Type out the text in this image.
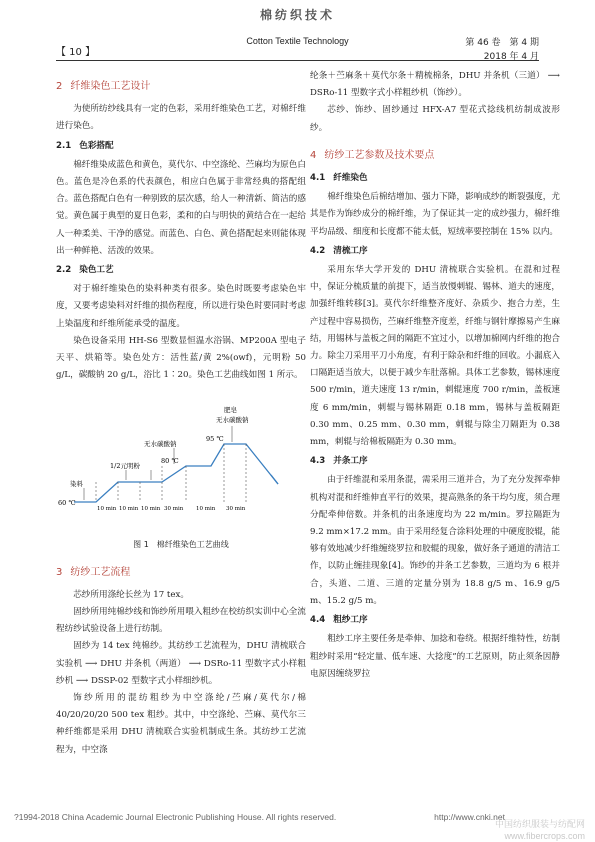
棉纺织技术
【 10 】
Cotton Textile Technology	第 46 卷　第 4 期
2018 年 4 月
2 纤维染色工艺设计

为使所纺纱线具有一定的色彩，采用纤维染色工艺，对棉纤维进行染色。

2.1 色彩搭配

棉纤维染成蓝色和黄色，莫代尔、中空涤纶、苎麻均为原色白色。蓝色是冷色系的代表颜色，相应白色属于非常经典的搭配组合。蓝色搭配白色有一种别致的层次感，给人一种清新、简洁的感觉。黄色属于典型的夏日色彩，柔和的白与明快的黄结合在一起给人一种柔美、干净的感觉。而蓝色、白色、黄色搭配起来则能体现出一种鲜艳、活泼的效果。

2.2 染色工艺

对于棉纤维染色的染料种类有很多。染色时既要考虑染色牢度，又要考虑染料对纤维的损伤程度，所以进行染色时要同时考虑上染温度和纤维所能承受的温度。

染色设备采用 HH-S6 型数显恒温水浴锅、MP200A 型电子天平、烘箱等。染色处方：活性蓝/黄 2%(owf)，元明粉 50 g/L，碳酸钠 20 g/L，浴比 1∶20。染色工艺曲线如图 1 所示。

60 ℃
染料
1/2元明粉
80 ℃
无水碳酸钠
95 ℃
肥皂
无水碳酸钠
10 min 10 min 10 min 30 min 10 min 30 min
图 1　棉纤维染色工艺曲线
3 纺纱工艺流程

芯纱所用涤纶长丝为 17 tex。

固纱所用纯棉纱线和饰纱所用喂入粗纱在校纺织实训中心全流程纺纱试验设备上进行纺制。

固纱为 14 tex 纯棉纱。其纺纱工艺流程为，DHU 清梳联合实验机 ⟶ DHU 并条机（两道） ⟶ DSRo-11 型数字式小样粗纱机 ⟶ DSSP-02 型数字式小样细纱机。

饰纱所用的混纺粗纱为中空涤纶/苎麻/莫代尔/棉 40/20/20/20 500 tex 粗纱。其中，中空涤纶、苎麻、莫代尔三种纤维都是采用 DHU 清梳联合实验机制成生条。其纺纱工艺流程为，中空涤

纶条＋苎麻条＋莫代尔条＋精梳棉条，DHU 并条机（三道） ⟶ DSRo-11 型数字式小样粗纱机（饰纱）。

芯纱、饰纱、固纱通过 HFX-A7 型花式捻线机纺制成波形纱。

4 纺纱工艺参数及技术要点
4.1 纤维染色

棉纤维染色后棉结增加、强力下降，影响成纱的断裂强度，尤其是作为饰纱成分的棉纤维，为了保证其一定的成纱强力，棉纤维平均品级、细度和长度都不能太低，短绒率要控制在 15% 以内。

4.2 清梳工序

采用东华大学开发的 DHU 清梳联合实验机。在混和过程中，保证分梳质量的前提下，适当放慢刺辊、锡林、道夫的速度，加强纤维转移[3]。莫代尔纤维整齐度好、杂质少、抱合力差，生产过程中容易损伤，苎麻纤维整齐度差，纤维与钢针摩擦易产生麻结，用锡林与盖板之间的隔距不宜过小，以增加棉网内纤维的抱合力。除尘刀采用平刀小角度，有利于除杂和纤维的回收。小漏底入口隔距适当放大，以便于减少车肚落棉。具体工艺参数，锡林速度 500 r/min，道夫速度 13 r/min，刺辊速度 700 r/min，盖板速度 6 mm/min，刺辊与锡林隔距 0.18 mm，锡林与盖板隔距 0.30 mm、0.25 mm、0.30 mm，刺辊与除尘刀隔距为 0.38 mm，刺辊与给棉板隔距为 0.30 mm。

4.3 并条工序

由于纤维混和采用条混，需采用三道并合，为了充分发挥牵伸机构对混和纤维伸直平行的效果，提高熟条的条干均匀度，须合理分配牵伸倍数。并条机的出条速度均为 22 m/min。罗拉隔距为 9.2 mm×17.2 mm。由于采用经复合涂料处理的中硬度胶辊，能够有效地减少纤维缠绕罗拉和胶辊的现象，做好条子通道的清洁工作，以防止缠挂现象[4]。饰纱的并条工艺参数，三道均为 6 根并合，头道、二道、三道的定量分别为 18.8 g/5 m、16.9 g/5 m、15.2 g/5 m。

4.4 粗纱工序

粗纱工序主要任务是牵伸、加捻和卷绕。根据纤维特性，纺制粗纱时采用“轻定量、低车速、大捻度”的工艺原则，防止须条因静电原因缠绕罗拉

?1994-2018 China Academic Journal Electronic Publishing House. All rights reserved.	http://www.cnki.net
中国纺织服装与纺配网
www.fibercrops.com
